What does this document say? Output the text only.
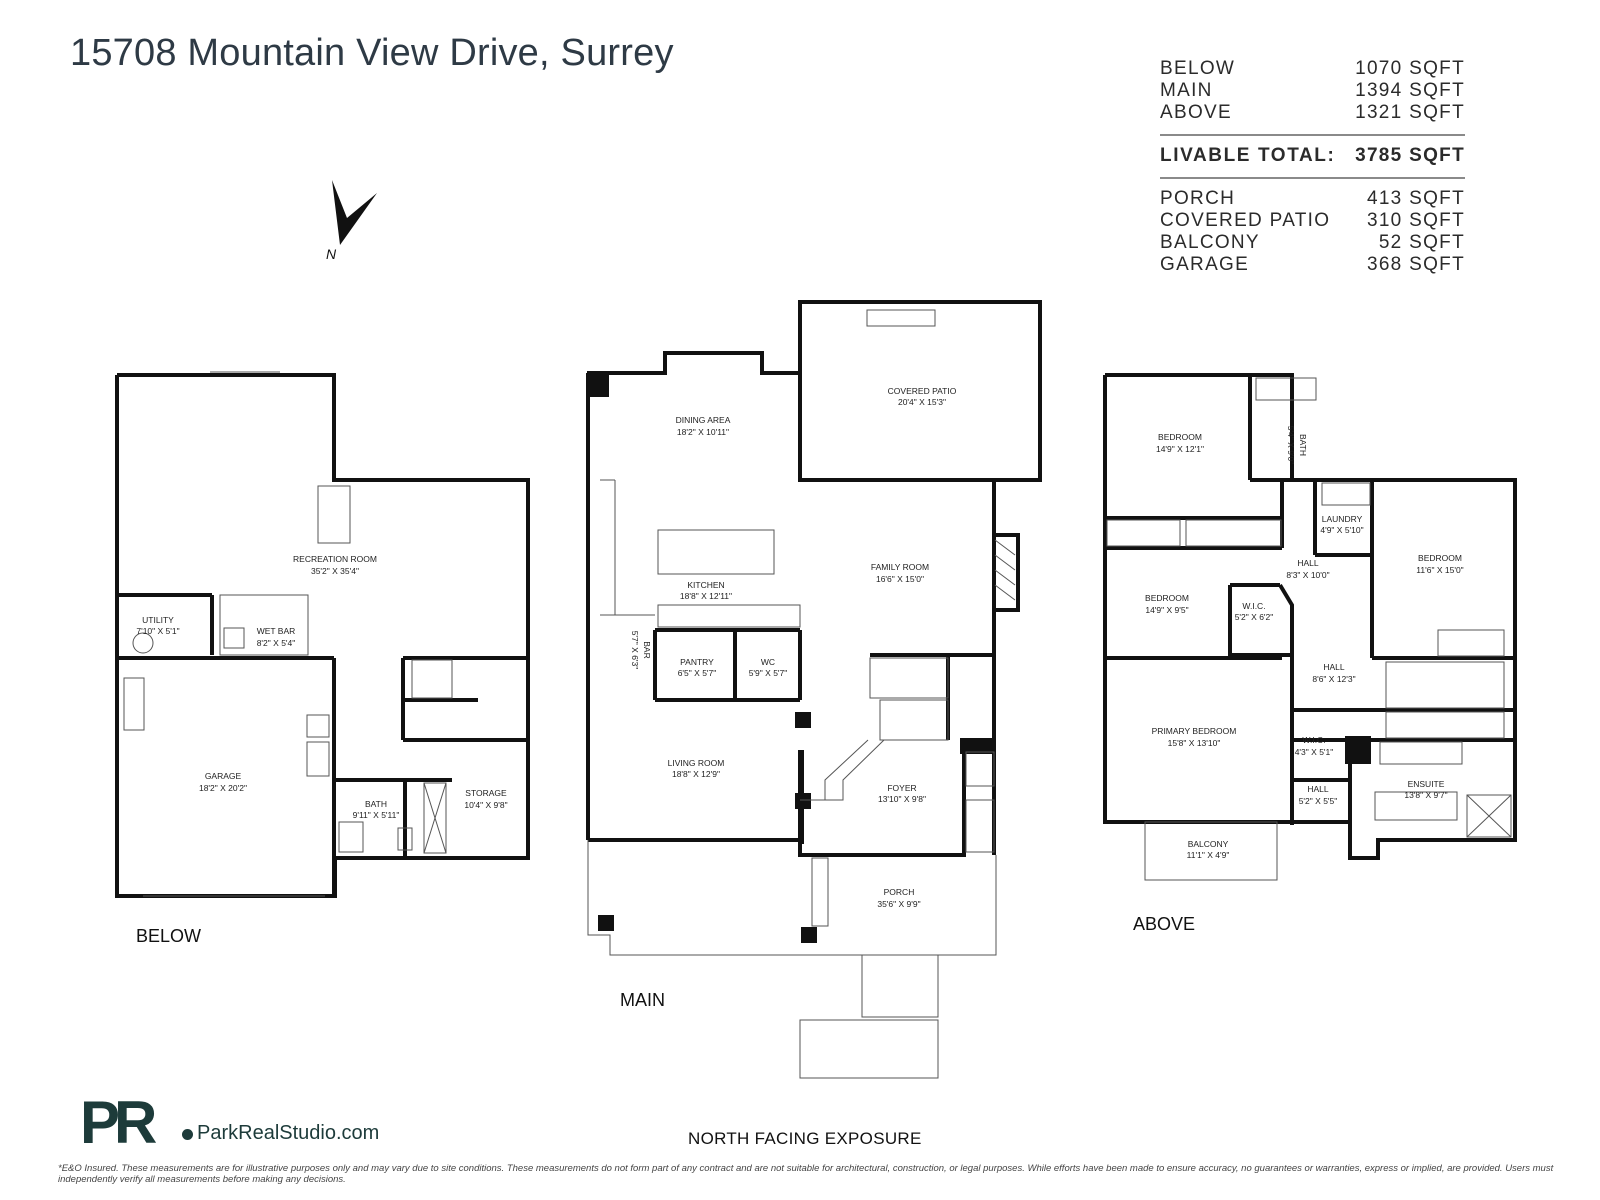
15708 Mountain View Drive, Surrey	BELOW	1070 SQFT
MAIN	1394 SQFT
ABOVE	1321 SQFT
LIVABLE TOTAL: 3785 SQFT
PORCH	413 SQFT
COVERED PATIO 310 SQFT
BALCONY	52 SQFT
GARAGE	368 SQFT
N
RECREATION ROOM
35'2" X 35'4"
UTILITY
7'10" X 5'1"	WET BAR
8'2" X 5'4"
GARAGE
18'2" X 20'2"
BATH
9'11" X 5'11"
STORAGE
10'4" X 9'8"
BELOW
DINING AREA
18'2" X 10'11"
COVERED PATIO
20'4" X 15'3"
KITCHEN
18'8" X 12'11"
FAMILY ROOM
16'6" X 15'0"
BAR
5'7" X 6'3"	PANTRY
6'5" X 5'7"
WC
5'9" X 5'7"
LIVING ROOM
18'8" X 12'9"
FOYER
13'10" X 9'8"
PORCH
35'6" X 9'9"
MAIN
BEDROOM
14'9" X 12'1"	BATH
5'4" X 9'0"
LAUNDRY
4'9" X 5'10"
HALL
8'3" X 10'0"
BEDROOM
11'6" X 15'0"
BEDROOM
14'9" X 9'5"	W.I.C.
5'2" X 6'2"
HALL
8'6" X 12'3"
PRIMARY BEDROOM
15'8" X 13'10"	W.I.C.
4'3" X 5'1"
HALL
5'2" X 5'5"
ENSUITE
13'8" X 9'7"
BALCONY
11'1" X 4'9"
ABOVE
PR ParkRealStudio.com	NORTH FACING EXPOSURE
*E&O Insured. These measurements are for illustrative purposes only and may vary due to site conditions. These measurements do not form part of any contract and are not suitable for architectural, construction, or legal purposes. While efforts have been made to ensure accuracy, no guarantees or warranties, express or implied, are provided. Users must independently verify all measurements before making any decisions.
